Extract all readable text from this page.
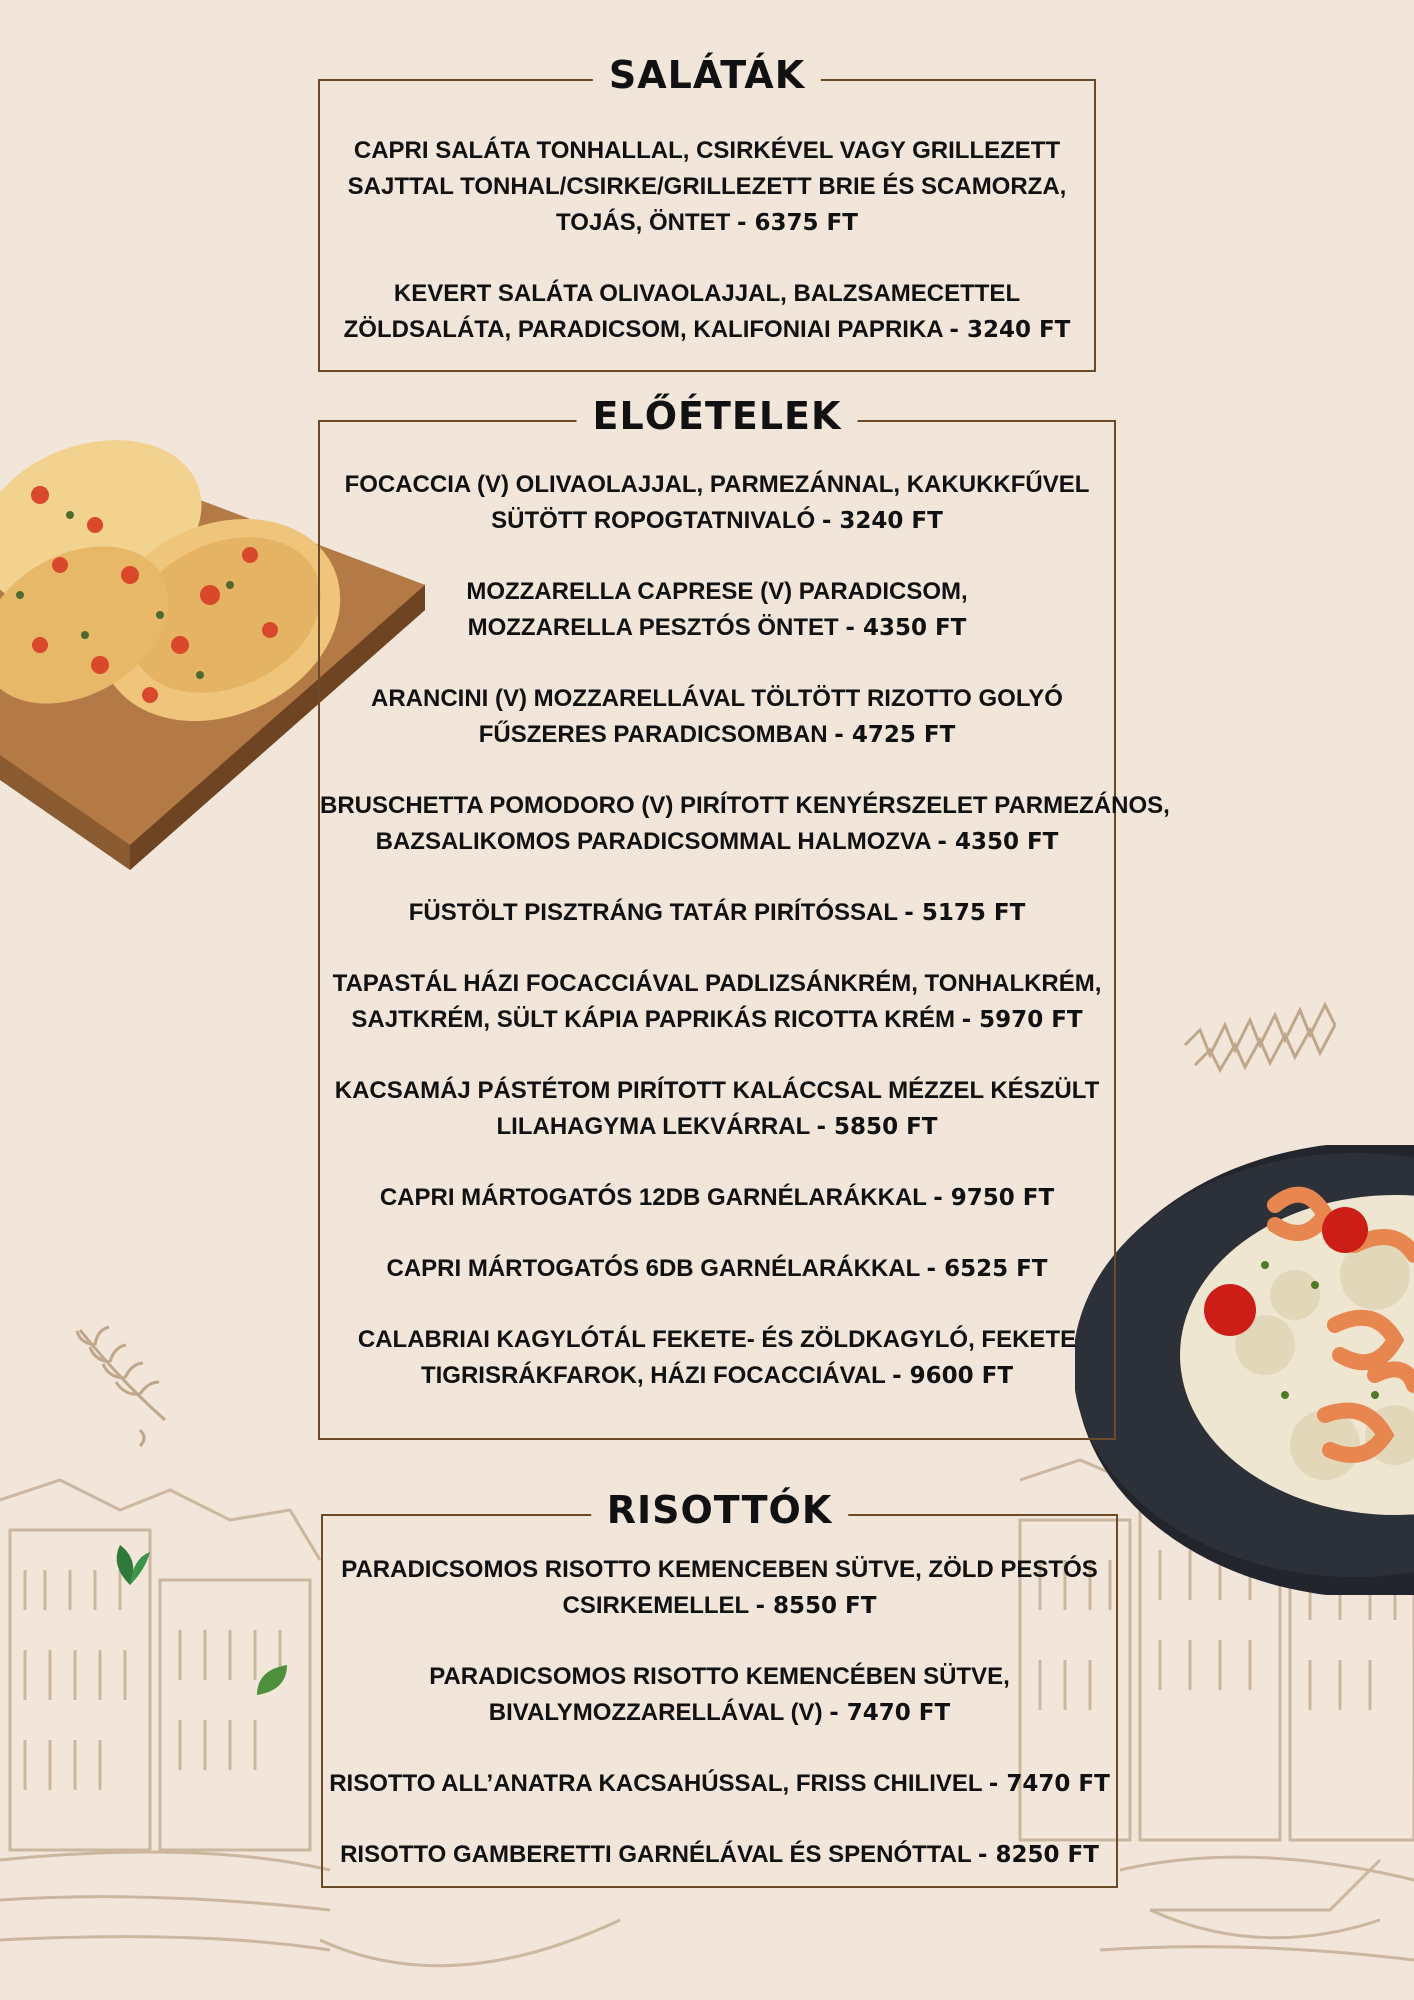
SALÁTÁK
CAPRI SALÁTA TONHALLAL, CSIRKÉVEL VAGY GRILLEZETT
SAJTTAL TONHAL/CSIRKE/GRILLEZETT BRIE ÉS SCAMORZA,
TOJÁS, ÖNTET - 6375 FT
KEVERT SALÁTA OLIVAOLAJJAL, BALZSAMECETTEL
ZÖLDSALÁTA, PARADICSOM, KALIFONIAI PAPRIKA - 3240 FT
ELŐÉTELEK
FOCACCIA (V) OLIVAOLAJJAL, PARMEZÁNNAL, KAKUKKFŰVEL
SÜTÖTT ROPOGTATNIVALÓ - 3240 FT
MOZZARELLA CAPRESE (V) PARADICSOM,
MOZZARELLA PESZTÓS ÖNTET - 4350 FT
ARANCINI (V) MOZZARELLÁVAL TÖLTÖTT RIZOTTO GOLYÓ
FŰSZERES PARADICSOMBAN - 4725 FT
BRUSCHETTA POMODORO (V) PIRÍTOTT KENYÉRSZELET PARMEZÁNOS,
BAZSALIKOMOS PARADICSOMMAL HALMOZVA - 4350 FT
FÜSTÖLT PISZTRÁNG TATÁR PIRÍTÓSSAL - 5175 FT
TAPASTÁL HÁZI FOCACCIÁVAL PADLIZSÁNKRÉM, TONHALKRÉM,
SAJTKRÉM, SÜLT KÁPIA PAPRIKÁS RICOTTA KRÉM - 5970 FT
KACSAMÁJ PÁSTÉTOM PIRÍTOTT KALÁCCSAL MÉZZEL KÉSZÜLT
LILAHAGYMA LEKVÁRRAL - 5850 FT
CAPRI MÁRTOGATÓS 12DB GARNÉLARÁKKAL - 9750 FT
CAPRI MÁRTOGATÓS 6DB GARNÉLARÁKKAL - 6525 FT
CALABRIAI KAGYLÓTÁL FEKETE- ÉS ZÖLDKAGYLÓ, FEKETE
TIGRISRÁKFAROK, HÁZI FOCACCIÁVAL - 9600 FT
RISOTTÓK
PARADICSOMOS RISOTTO KEMENCEBEN SÜTVE, ZÖLD PESTÓS
CSIRKEMELLEL - 8550 FT
PARADICSOMOS RISOTTO KEMENCÉBEN SÜTVE,
BIVALYMOZZARELLÁVAL (V) - 7470 FT
RISOTTO ALL’ANATRA KACSAHÚSSAL, FRISS CHILIVEL - 7470 FT
RISOTTO GAMBERETTI GARNÉLÁVAL ÉS SPENÓTTAL - 8250 FT
